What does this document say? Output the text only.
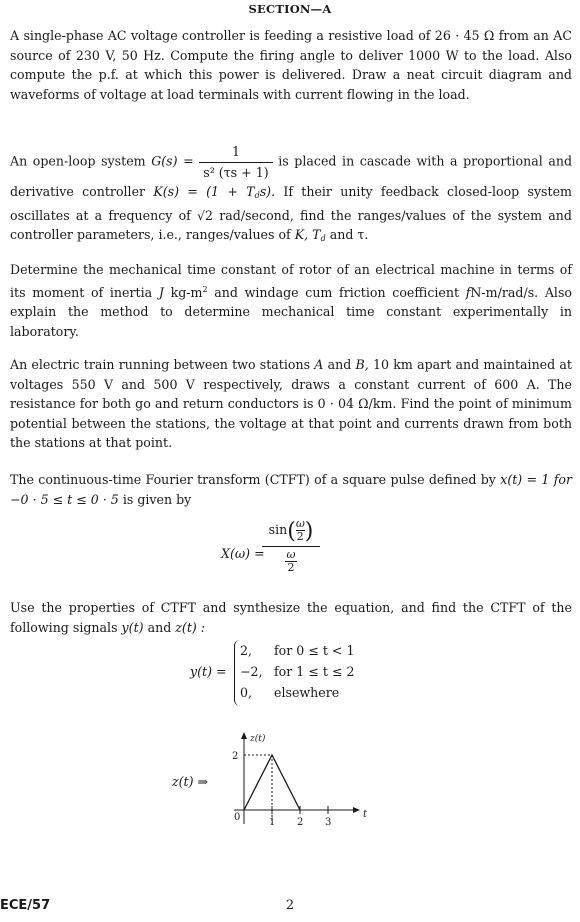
SECTION—A
A single-phase AC voltage controller is feeding a resistive load of 26 · 45 Ω from an AC source of 230 V, 50 Hz. Compute the firing angle to deliver 1000 W to the load. Also compute the p.f. at which this power is delivered. Draw a neat circuit diagram and waveforms of voltage at load terminals with current flowing in the load.
An open-loop system $G(s) = \frac{1}{\text{s² (τs + 1)}}$ is placed in cascade with a proportional and derivative controller $K(s) = (1 + T_ds)$. If their unity feedback closed-loop system oscillates at a frequency of √2 rad/second, find the ranges/values of the system and controller parameters, i.e., ranges/values of K, $T_d$ and τ.
Determine the mechanical time constant of rotor of an electrical machine in terms of its moment of inertia J $kg-m^2$ and windage cum friction coefficient fN-m/rad/s. Also explain the method to determine mechanical time constant experimentally in laboratory.
An electric train running between two stations A and B, 10 km apart and maintained at voltages 550 V and 500 V respectively, draws a constant current of 600 A. The resistance for both go and return conductors is 0 · 04 Ω/km. Find the point of minimum potential between the stations, the voltage at that point and currents drawn from both the stations at that point.
The continuous-time Fourier transform (CTFT) of a square pulse defined by x(t) = 1 for −0 · 5 ≤ t ≤ 0 · 5 is given by
X(ω) =
$\sin( \frac{\omega}{2}$ )
$\frac{\omega}{2}$
Use the properties of CTFT and synthesize the equation, and find the CTFT of the following signals y(t) and z(t) :
y(t) =
2, for 0 ≤ t < 1
−2, for 1 ≤ t ≤ 2
0, elsewhere
z(t) ⇒
z(t)
t
0
2
1 2 3
ECE/57	2
